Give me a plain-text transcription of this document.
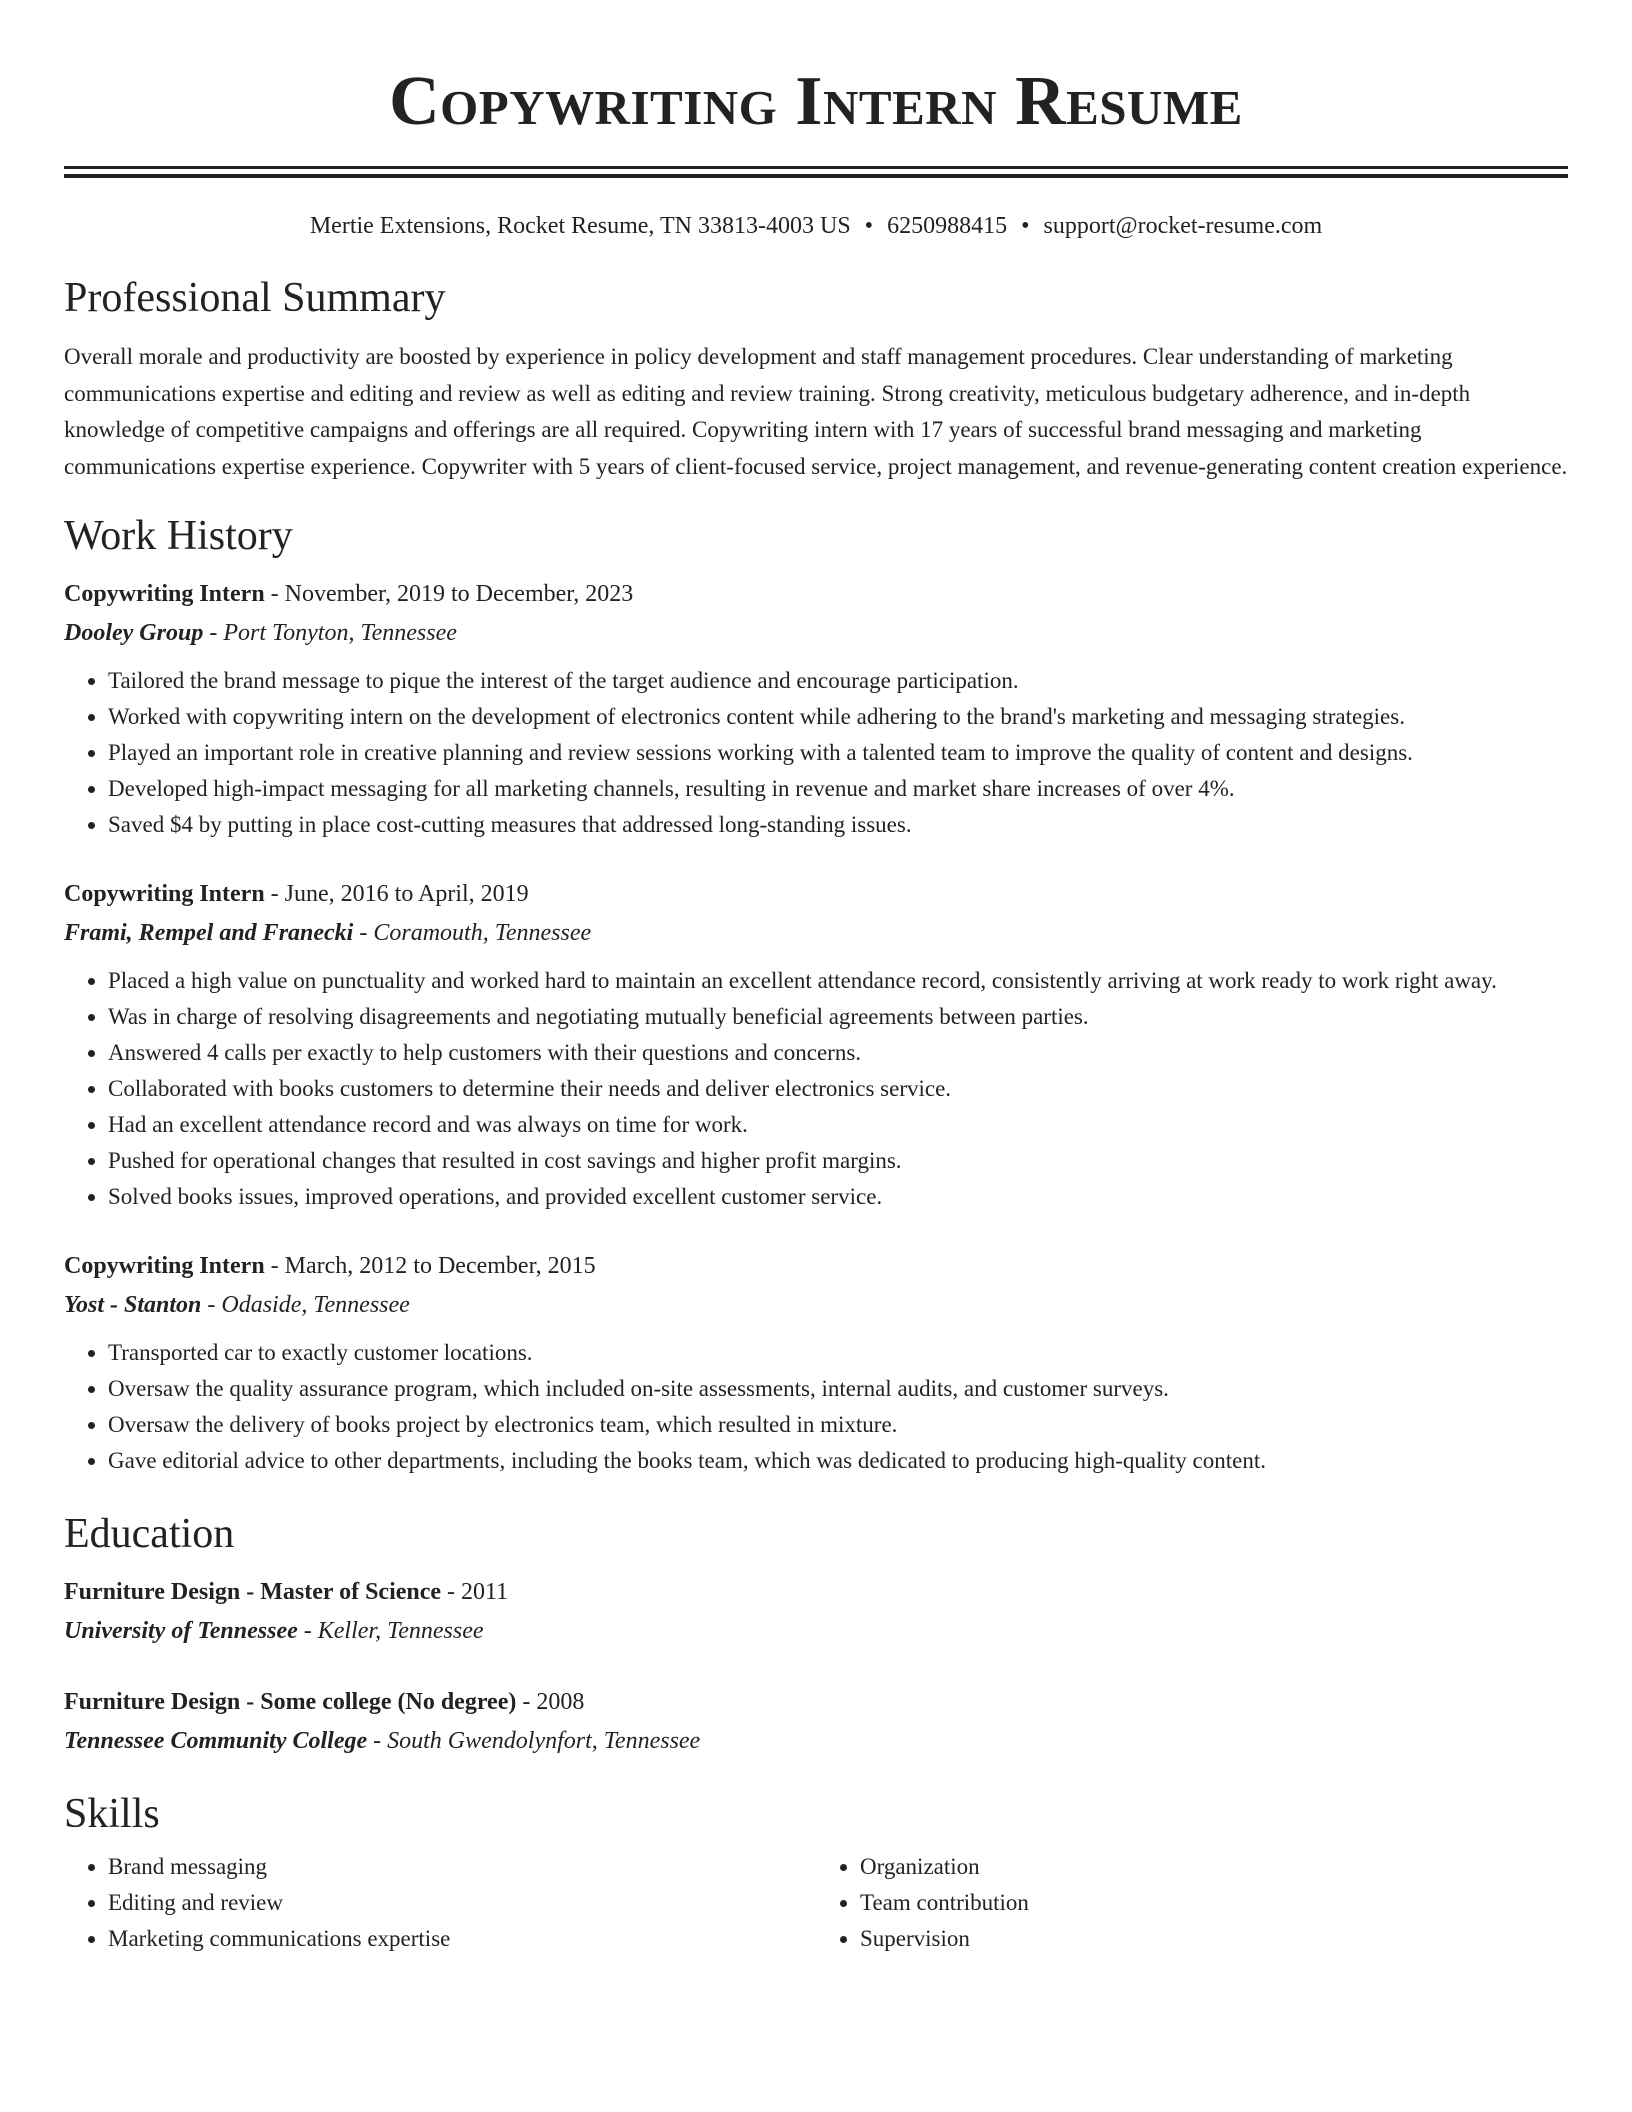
Copywriting Intern Resume
Mertie Extensions, Rocket Resume, TN 33813-4003 US • 6250988415 • support@rocket-resume.com
Professional Summary
Overall morale and productivity are boosted by experience in policy development and staff management procedures. Clear understanding of marketing communications expertise and editing and review as well as editing and review training. Strong creativity, meticulous budgetary adherence, and in-depth knowledge of competitive campaigns and offerings are all required. Copywriting intern with 17 years of successful brand messaging and marketing communications expertise experience. Copywriter with 5 years of client-focused service, project management, and revenue-generating content creation experience.
Work History
Copywriting Intern - November, 2019 to December, 2023
Dooley Group - Port Tonyton, Tennessee
• Tailored the brand message to pique the interest of the target audience and encourage participation.
• Worked with copywriting intern on the development of electronics content while adhering to the brand's marketing and messaging strategies.
• Played an important role in creative planning and review sessions working with a talented team to improve the quality of content and designs.
• Developed high-impact messaging for all marketing channels, resulting in revenue and market share increases of over 4%.
• Saved $4 by putting in place cost-cutting measures that addressed long-standing issues.
Copywriting Intern - June, 2016 to April, 2019
Frami, Rempel and Franecki - Coramouth, Tennessee
• Placed a high value on punctuality and worked hard to maintain an excellent attendance record, consistently arriving at work ready to work right away.
• Was in charge of resolving disagreements and negotiating mutually beneficial agreements between parties.
• Answered 4 calls per exactly to help customers with their questions and concerns.
• Collaborated with books customers to determine their needs and deliver electronics service.
• Had an excellent attendance record and was always on time for work.
• Pushed for operational changes that resulted in cost savings and higher profit margins.
• Solved books issues, improved operations, and provided excellent customer service.
Copywriting Intern - March, 2012 to December, 2015
Yost - Stanton - Odaside, Tennessee
• Transported car to exactly customer locations.
• Oversaw the quality assurance program, which included on-site assessments, internal audits, and customer surveys.
• Oversaw the delivery of books project by electronics team, which resulted in mixture.
• Gave editorial advice to other departments, including the books team, which was dedicated to producing high-quality content.
Education
Furniture Design - Master of Science - 2011
University of Tennessee - Keller, Tennessee
Furniture Design - Some college (No degree) - 2008
Tennessee Community College - South Gwendolynfort, Tennessee
Skills
• Brand messaging
• Editing and review
• Marketing communications expertise
• Organization
• Team contribution
• Supervision
